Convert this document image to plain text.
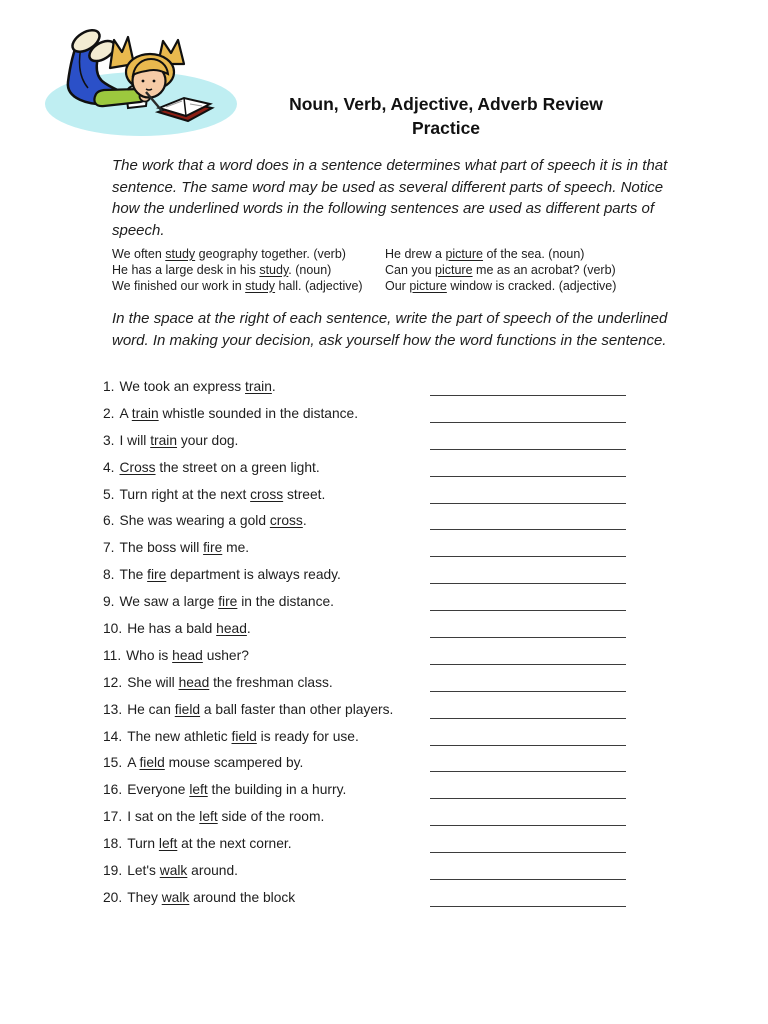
Noun, Verb, Adjective, Adverb Review
Practice

The work that a word does in a sentence determines what part of speech it is in that sentence. The same word may be used as several different parts of speech. Notice how the underlined words in the following sentences are used as different parts of speech.

We often study geography together. (verb)
He has a large desk in his study. (noun)
We finished our work in study hall. (adjective)
He drew a picture of the sea. (noun)
Can you picture me as an acrobat? (verb)
Our picture window is cracked. (adjective)

In the space at the right of each sentence, write the part of speech of the underlined word. In making your decision, ask yourself how the word functions in the sentence.

1. We took an express train.
2. A train whistle sounded in the distance.
3. I will train your dog.
4. Cross the street on a green light.
5. Turn right at the next cross street.
6. She was wearing a gold cross.
7. The boss will fire me.
8. The fire department is always ready.
9. We saw a large fire in the distance.
10. He has a bald head.
11. Who is head usher?
12. She will head the freshman class.
13. He can field a ball faster than other players.
14. The new athletic field is ready for use.
15. A field mouse scampered by.
16. Everyone left the building in a hurry.
17. I sat on the left side of the room.
18. Turn left at the next corner.
19. Let's walk around.
20. They walk around the block
